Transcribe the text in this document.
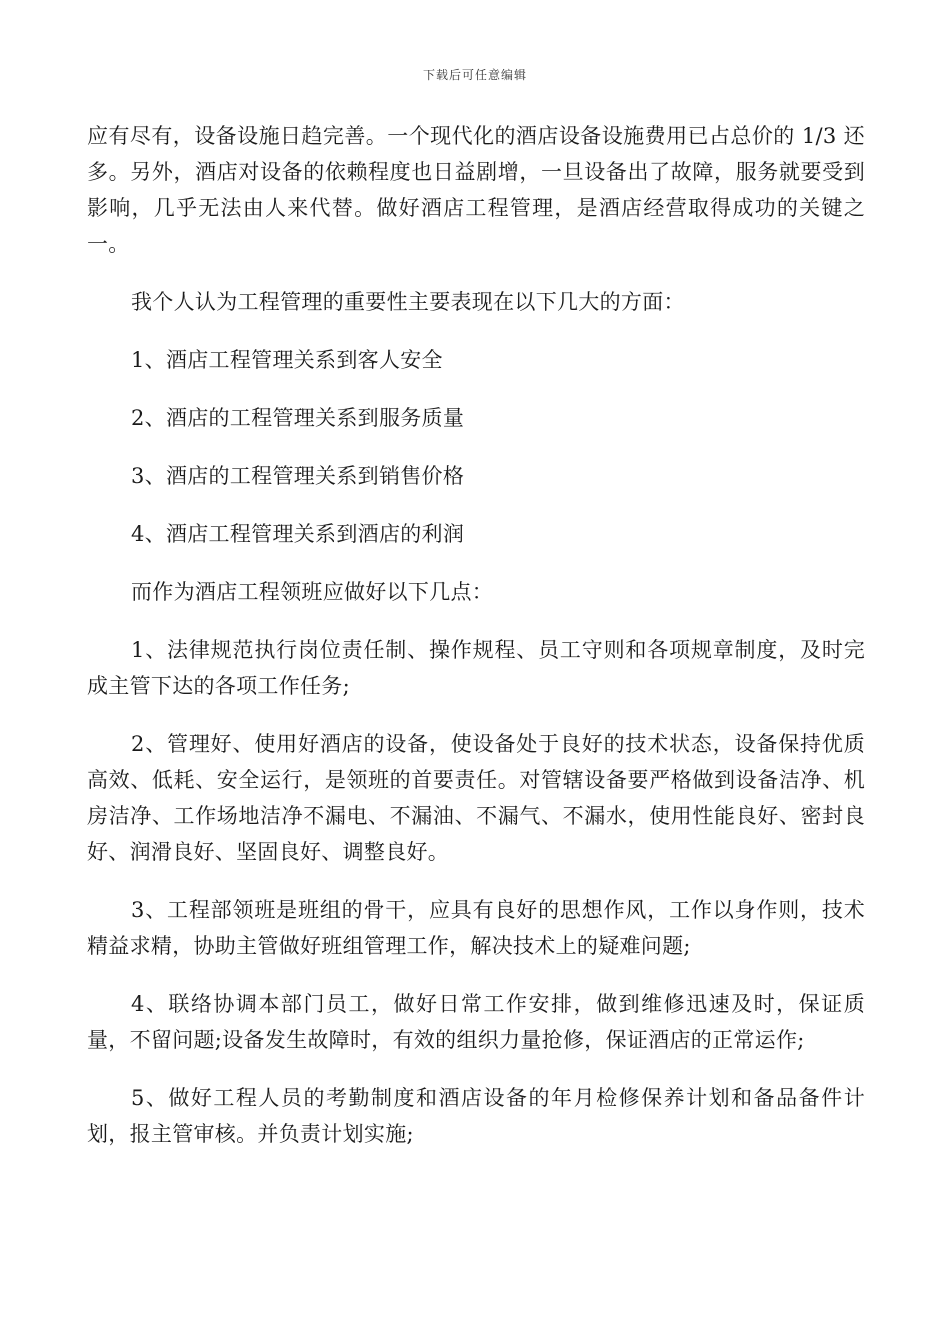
下载后可任意编辑

应有尽有，设备设施日趋完善。一个现代化的酒店设备设施费用已占总价的 1/3 还多。另外，酒店对设备的依赖程度也日益剧增，一旦设备出了故障，服务就要受到影响，几乎无法由人来代替。做好酒店工程管理，是酒店经营取得成功的关键之一。

我个人认为工程管理的重要性主要表现在以下几大的方面：

1、酒店工程管理关系到客人安全

2、酒店的工程管理关系到服务质量

3、酒店的工程管理关系到销售价格

4、酒店工程管理关系到酒店的利润

而作为酒店工程领班应做好以下几点：

1、法律规范执行岗位责任制、操作规程、员工守则和各项规章制度，及时完成主管下达的各项工作任务;

2、管理好、使用好酒店的设备，使设备处于良好的技术状态，设备保持优质高效、低耗、安全运行，是领班的首要责任。对管辖设备要严格做到设备洁净、机房洁净、工作场地洁净不漏电、不漏油、不漏气、不漏水，使用性能良好、密封良好、润滑良好、坚固良好、调整良好。

3、工程部领班是班组的骨干，应具有良好的思想作风，工作以身作则，技术精益求精，协助主管做好班组管理工作，解决技术上的疑难问题;

4、联络协调本部门员工，做好日常工作安排，做到维修迅速及时，保证质量，不留问题;设备发生故障时，有效的组织力量抢修，保证酒店的正常运作;

5、做好工程人员的考勤制度和酒店设备的年月检修保养计划和备品备件计划，报主管审核。并负责计划实施;
